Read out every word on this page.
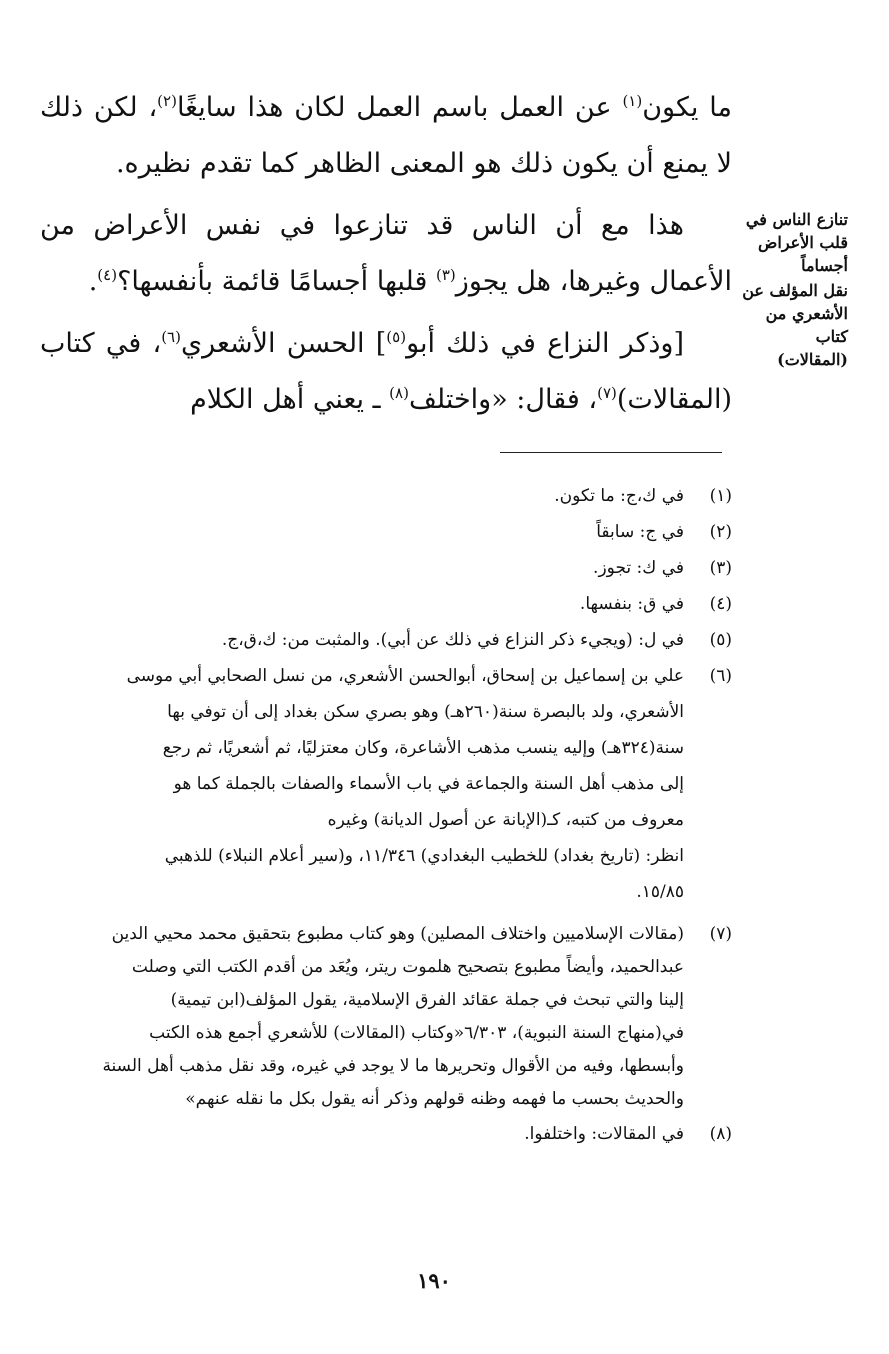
ما يكون$^{(١)}$ عن العمل باسم العمل لكان هذا سايغًا$^{(٢)}$، لكن ذلك لا يمنع أن يكون ذلك هو المعنى الظاهر كما تقدم نظيره.

هذا مع أن الناس قد تنازعوا في نفس الأعراض من الأعمال وغيرها، هل يجوز$^{(٣)}$ قلبها أجسامًا قائمة بأنفسها؟$^{(٤)}$.

[وذكر النزاع في ذلك أبو$^{(٥)}$] الحسن الأشعري$^{(٦)}$، في كتاب (المقالات)$^{(٧)}$، فقال: «واختلف$^{(٨)}$ ـ يعني أهل الكلام

تنازع الناس في قلب الأعراض أجساماً
نقل المؤلف عن الأشعري من كتاب (المقالات)
(١)
في ك،ج: ما تكون.
(٢)
في ج: سابقاً
(٣)
في ك: تجوز.
(٤)
في ق: بنفسها.
(٥)
في ل: (ويجيء ذكر النزاع في ذلك عن أبي). والمثبت من: ك،ق،ج.
(٦)
علي بن إسماعيل بن إسحاق، أبوالحسن الأشعري، من نسل الصحابي أبي موسى
الأشعري، ولد بالبصرة سنة(٢٦٠هـ) وهو بصري سكن بغداد إلى أن توفي بها
سنة(٣٢٤هـ) وإليه ينسب مذهب الأشاعرة، وكان معتزليًا، ثم أشعريًا، ثم رجع
إلى مذهب أهل السنة والجماعة في باب الأسماء والصفات بالجملة كما هو
معروف من كتبه، كـ(الإبانة عن أصول الديانة) وغيره
انظر: (تاريخ بغداد) للخطيب البغدادي) ١١/٣٤٦، و(سير أعلام النبلاء) للذهبي
١٥/٨٥.
(٧)
(مقالات الإسلاميين واختلاف المصلين) وهو كتاب مطبوع بتحقيق محمد محيي الدين
عبدالحميد، وأيضاً مطبوع بتصحيح هلموت ريتر، ويُعَد من أقدم الكتب التي وصلت
إلينا والتي تبحث في جملة عقائد الفرق الإسلامية، يقول المؤلف(ابن تيمية)
في(منهاج السنة النبوية)، ٦/٣٠٣«وكتاب (المقالات) للأشعري أجمع هذه الكتب
وأبسطها، وفيه من الأقوال وتحريرها ما لا يوجد في غيره، وقد نقل مذهب أهل السنة
والحديث بحسب ما فهمه وظنه قولهم وذكر أنه يقول بكل ما نقله عنهم»
(٨)
في المقالات: واختلفوا.
١٩٠
